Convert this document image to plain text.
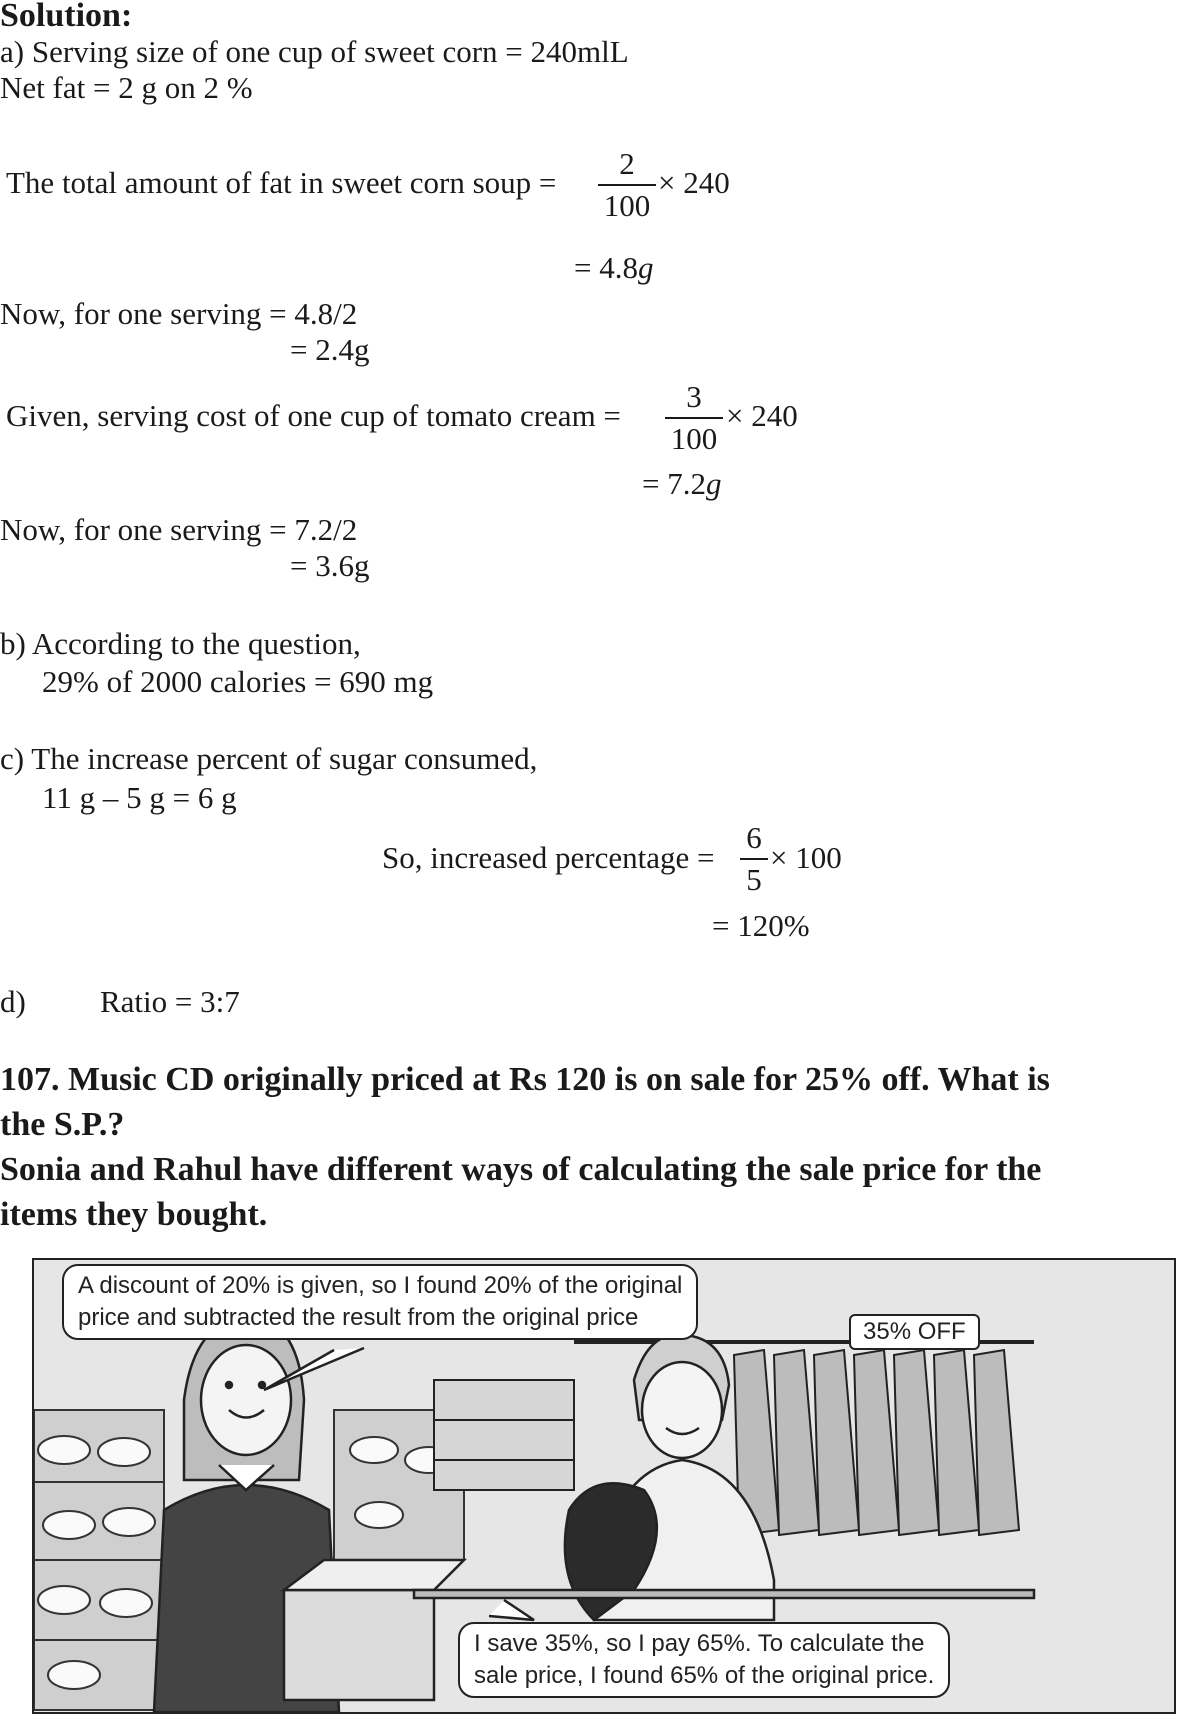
Solution:
a) Serving size of one cup of sweet corn = 240mlL
Net fat = 2 g on 2 %
The total amount of fat in sweet corn soup =
2
100
× 240
= 4.8g
Now, for one serving = 4.8/2
= 2.4g
Given, serving cost of one cup of tomato cream =
3
100
× 240
= 7.2g
Now, for one serving = 7.2/2
= 3.6g
b) According to the question,
29% of 2000 calories = 690 mg
c) The increase percent of sugar consumed,
11 g – 5 g = 6 g
So, increased percentage =
6
5
× 100
= 120%
d) Ratio = 3:7
107. Music CD originally priced at Rs 120 is on sale for 25% off. What is
the S.P.?
Sonia and Rahul have different ways of calculating the sale price for the
items they bought.
A discount of 20% is given, so I found 20% of the original
price and subtracted the result from the original price
35% OFF
I save 35%, so I pay 65%. To calculate the
sale price, I found 65% of the original price.
